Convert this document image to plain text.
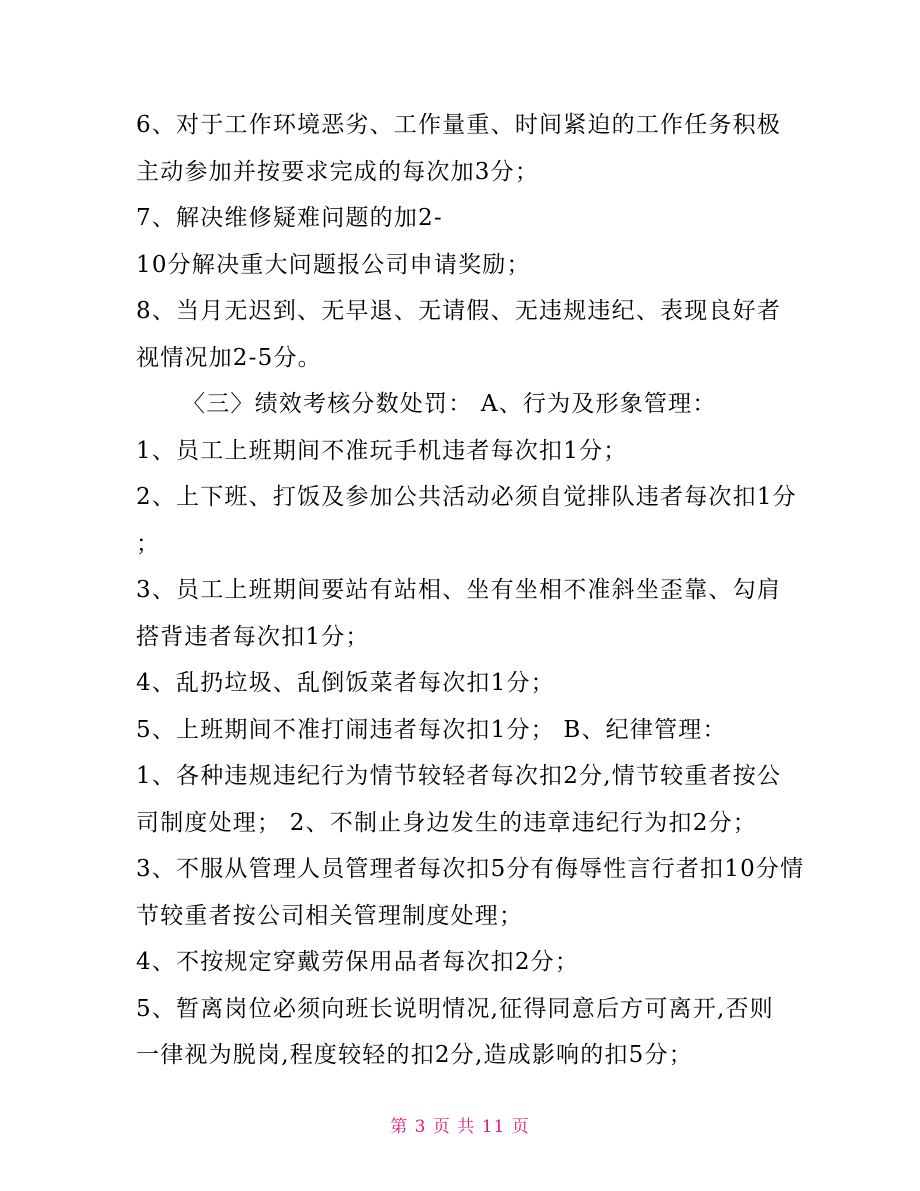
6、对于工作环境恶劣、工作量重、时间紧迫的工作任务积极
主动参加并按要求完成的每次加3分；
7、解决维修疑难问题的加2-
10分解决重大问题报公司申请奖励；
8、当月无迟到、无早退、无请假、无违规违纪、表现良好者
视情况加2-5分。
〈三〉绩效考核分数处罚： A、行为及形象管理：
1、员工上班期间不准玩手机违者每次扣1分；
2、上下班、打饭及参加公共活动必须自觉排队违者每次扣1分
；
3、员工上班期间要站有站相、坐有坐相不准斜坐歪靠、勾肩
搭背违者每次扣1分；
4、乱扔垃圾、乱倒饭菜者每次扣1分；
5、上班期间不准打闹违者每次扣1分； B、纪律管理：
1、各种违规违纪行为情节较轻者每次扣2分,情节较重者按公
司制度处理； 2、不制止身边发生的违章违纪行为扣2分；
3、不服从管理人员管理者每次扣5分有侮辱性言行者扣10分情
节较重者按公司相关管理制度处理；
4、不按规定穿戴劳保用品者每次扣2分；
5、暂离岗位必须向班长说明情况,征得同意后方可离开,否则
一律视为脱岗,程度较轻的扣2分,造成影响的扣5分；
第 3 页 共 11 页
